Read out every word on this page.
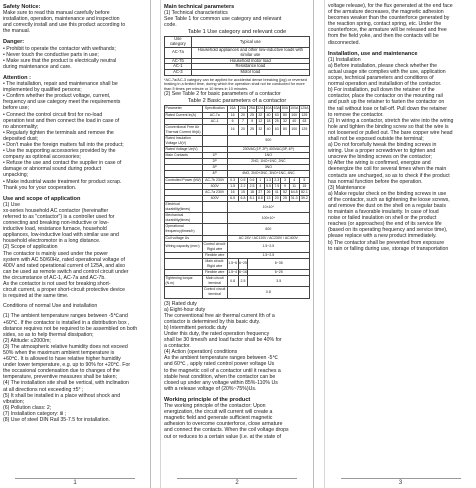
Safety Notice:

Make sure to read this manual carefully before

installation, operation, maintenance and inspection

and correctly install and use this product according to

the manual.

Danger:

• Prohibit to operate the contactor with wethands;

• Never touch the conductive parts in use;

• Make sure that the product is electrically neutral

during maintenance and care.

Attention :

• The installation, repair and maintenance shall be

implemented by qualified persons;

• Confirm whether the product voltage, current,

frequency and use category meet the requirements

before use;

• Connect the control circuit first for no-load

operation test and then connect the load in case of

no abnormality;

• Regularly tighten the terminals and remove the

deposited dust;

• Don't make the foreign matters fall into the product;

• Use the supporting accessories provided by the

company as optional accessories;

• Refuse the use and contact the supplier in case of

damage or abnormal sound during product

unpacking;

• Make industrial waste treatment for product scrap.

Thank you for your cooperation.

Use and scope of application

(1) Use

xx-series household AC contactor (hereinafter

referred to as "contactor") is a controller used for

connecting and breaking non-inductive or low-

inductive load, resistance furnace, household

appliances, low-inductive load with similar use and

household electromotor in a long distance.

(2) Scope of application

The contactor is mainly used under the power

system with AC 50/60Hz, rated operational voltage of

400V and rated operational current of 125A, and also

can be used as remote switch and control circuit under

the circumstance of AC-1, AC-7a and AC-7b.

As the contactor is not used for breaking short-

circuit current, a proper short-circuit protective device

is required at the same time.

Conditions of normal Use and installation

(1) The ambient temperature ranges between -5℃and

+60℃. If the contactor is installed in a distribution box ,

distance requires not be required to be assembled on both

sides, so as to help thermal dissipation;

(2) Altitude: ≤2000m;

(3) The atmospheric relative humidity does not exceed

50% when the maximum ambient temperature is

+60℃. It is allowed to have relative higher humidity

under lower temperature, e.g. up to 90% for +20℃. For

the occasional condensation due to changes of the

temperature, preventive measures shall be taken;

(4) The installation site shall be vertical, with inclination

at all directions not exceeding ±5° ;

(5) It shall be installed in a place without shock and

vibration;

(6) Pollution class: 2;

(7) Installation category: Ⅲ ;

(8) Use of steel DIN Rail 35-7.5 for installation.

1

Main technical parameters

(1) Technical characteristics

See Table 1 for common use category and relevant

code.

Table 1 Use category and relevant code

Use category	Typical use
AC-7a	Household appliances and other low-inductive loads with similar use
AC-7b	Household motor load
AC-1	Resistance load
AC-3	Motor load

*AC-7a/AC-3 category can be applied for accidental dense breaking (jog) or reversed braking in a limited time, during which the operation shall not be conducted for more than 5 times per minute or 10 times in 10 minutes.

(2) See Table 2 for basic parameters of a contactor

Table 2 Basic parameters of a contactor

Parameter	Specification	16A	20A	25A	32A	40A	63A	80A	100A	125A
Rated Current In(A)	AC-7a	16	20	25	32	40	63	80	100	125
	AC-1	6	7	9	12	18	25	32	40	63
Conventional Free Air Thermal Current Ith(A)		16	20	25	32	40	63	80	100	125
Rated Insulation Voltage Ui(V)		500								
Rated Voltage Ue(V)		230VAC(1P, 2P) 400VAC(3P, 4P)								
Main Contacts	1P	1NO								
	2P	2NO, 1NO+1NC, 2NC								
	3P	3NO								
	4P	4NO, 2NO+2NC, 3NO+1NC, 4NC								
Controlled Power (kW)	AC-7b 230V	0.3	0.5	0.6	1	1.3	2.3	3	4	5
	400V	1.5	2.2	2.5	4	5.5	7.5	9	11	15
	AC-7a 230V	16	15	18	27	26	41	52	64.8	82.1
	400V	6.5	6.8	8.1	8.8	13	20	25	31.3	39.2
Electrical durability(times)		10×10⁴								
Mechanical durability(times)		100×10⁴								
Operational frequency(times/h)		600								
Coil voltage Us		AC 24V / AC110V / AC230V / AC400V								
Wiring capacity (mm²)	Control circuit: Rigid wire	1.5~2.5								
	Flexible wire	1.5~2.5								
	Main circuit: Rigid wire	1.5~6	6~25	6~35						
	Flexible wire	1.5~4	6~16	6~25						
Tightening torque (N.m)	Main circuit terminal	0.8	2.5	3.5						
	Control circuit terminal	0.8								

(3) Rated duty

a) Eight-hour duty

The conventional free air thermal current Ith of a

contactor is determined by this basic duty.

b) Intermittent periodic duty

Under this duty, the rated operation frequency

shall be 30 times/h and load factor shall be 40% for

a contactor.

(4) Action (operation) conditions

As the ambient temperature ranges between -5℃

and 60℃ , apply rated control power voltage Us

to the magnetic coil of a contactor until it reaches a

stable heat condition, when the contactor can be

closed up under any voltage within 85%-110% Us

with a release voltage of (20%~75%)Us.

Working principle of the product

The working principle of the contactor: Upon

energization, the circuit will current will create a

magnetic field and generate sufficient magnetic

adhesion to overcome counterforce, close armature

and connect the contacts. When the coil voltage drops

out or reduces to a certain value (i.e. at the state of

2

voltage release), for the flux generated at the end face

of the armature decreases, the magnetic adhesion

becomes weaker than the counterforce generated by

the reaction spring, contact spring, etc. Under the

counterforce, the armature will be released and free

from the field yoke, and then the contacts will be

disconnected.

Installation, use and maintenance

(1) Installation

a) Before installation, please check whether the

actual usage site complies with the use, application

scope, technical parameters and conditions of

normal operation and installation of the contactor.

b) For installation, pull down the retainer of the

contactor, place the contactor on the mounting rail

and push up the retainer to fasten the contactor on

the rail without lose or fall-off. Pull down the retainer

to remove the contactor.

(2) In wiring a contactor, stretch the wire into the wiring

hole and tighten the binding screw so that the wire is

not loosened or pulled out. The bare copper wire head

shall not be exposed outside the terminal;

a) Do not forcefully tweak the binding screws in

wiring. Use a proper screwdriver to tighten and

unscrew the binding screws on the contactor;

b) After the wiring is confirmed, energize and

deenergize the coil for several times when the main

contacts are uncharged, so as to check if the product

has normal function before the operation.

(3) Maintenance

a) Make regular check on the binding screws in use

of the contactor, such as tightening the loose screws,

and remove the dust on the shell on a regular basis

to maintain a favorable insularity. In case of loud

noise or failed insulation on shell or the product

reaches (or approaches) the end of its service life

(based on its operating frequency and service time),

please replace with a new product immediately.

b) The contactor shall be prevented from exposure

to rain or falling during use, storage of transportation

3
